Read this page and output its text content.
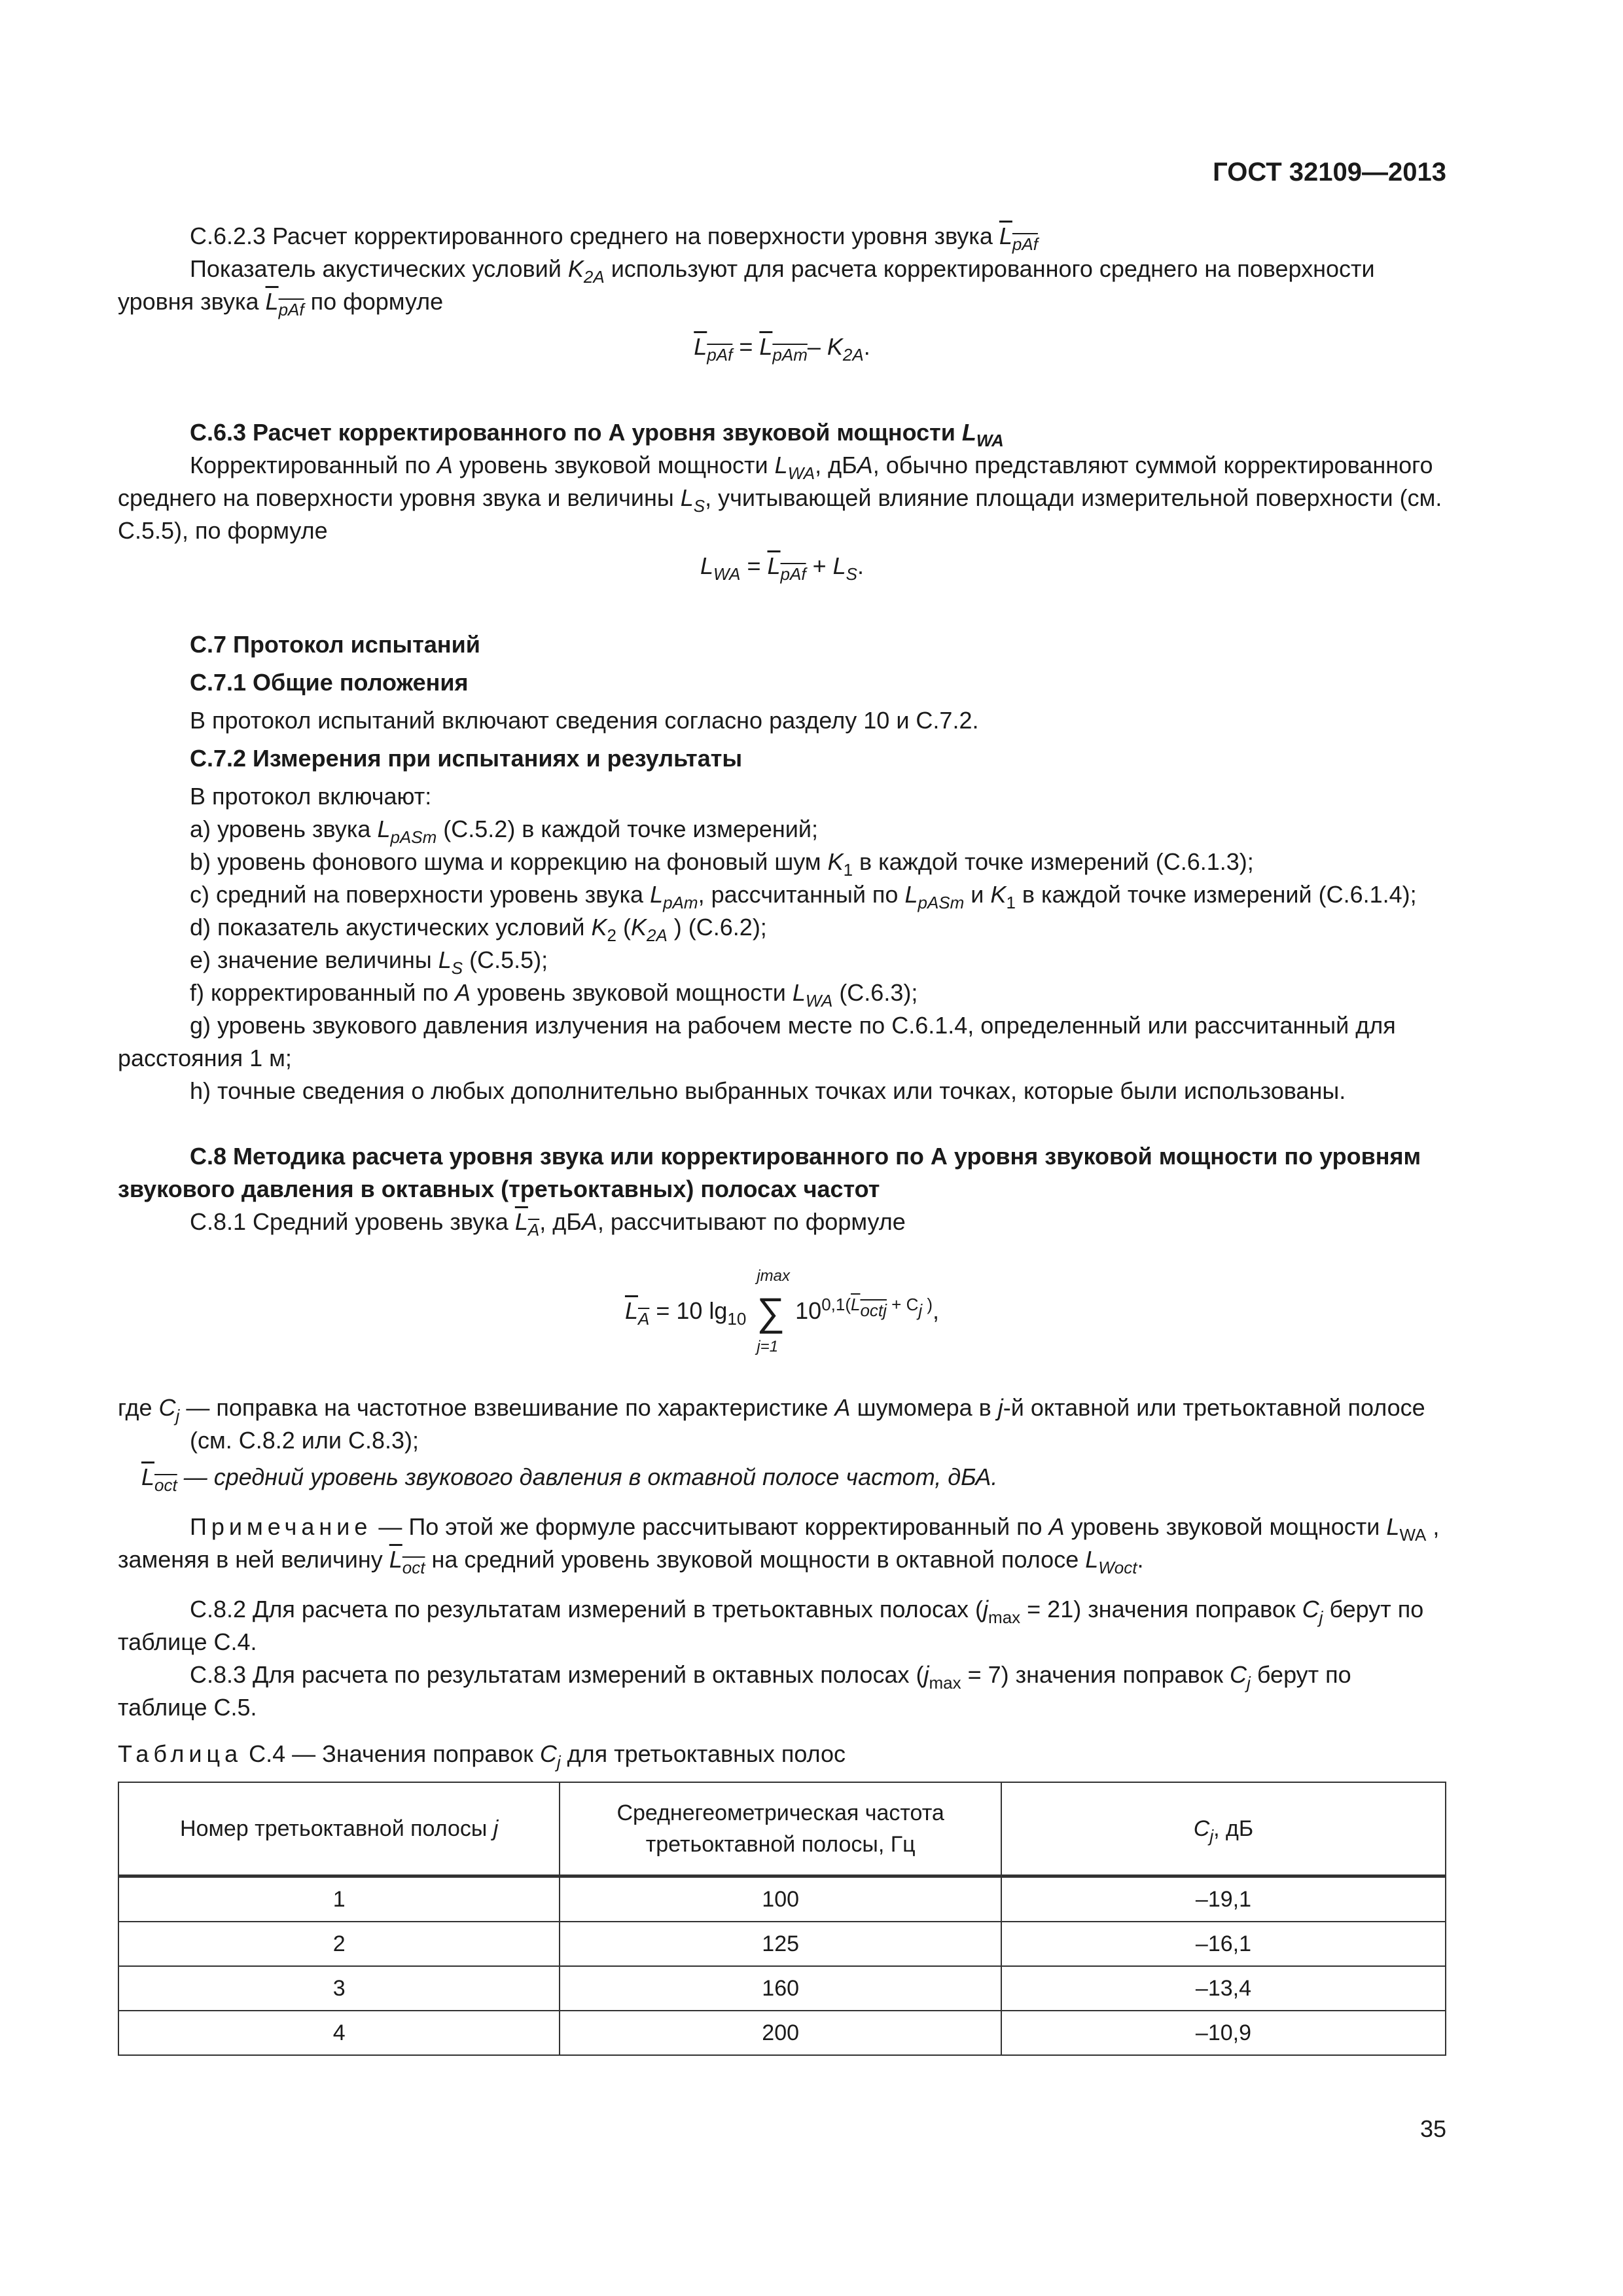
ГОСТ 32109—2013

С.6.2.3 Расчет корректированного среднего на поверхности уровня звука $\overline{L}_{\overline{pAf}}$

Показатель акустических условий $K_{2A}$ используют для расчета корректированного среднего на поверхности уровня звука $\overline{L}_{\overline{pAf}}$ по формуле

$\overline{L}_{\overline{pAf}} = \overline{L}_{\overline{pAm}}-$ $K_{2A}$.

С.6.3 Расчет корректированного по А уровня звуковой мощности $L_{WA}$

Корректированный по А уровень звуковой мощности $L_{WA}$, дБА, обычно представляют суммой корректированного среднего на поверхности уровня звука и величины $L_S$, учитывающей влияние площади измерительной поверхности (см. С.5.5), по формуле

$L_{WA} = \overline{L}_{\overline{pAf}} + L_S$.

С.7 Протокол испытаний

С.7.1 Общие положения

В протокол испытаний включают сведения согласно разделу 10 и С.7.2.

С.7.2 Измерения при испытаниях и результаты

В протокол включают:

а) уровень звука $L_{pASm}$ (С.5.2) в каждой точке измерений;

b) уровень фонового шума и коррекцию на фоновый шум $K_1$ в каждой точке измерений (С.6.1.3);

c) средний на поверхности уровень звука $L_{pAm}$, рассчитанный по $L_{pASm}$ и $K_1$ в каждой точке измерений (С.6.1.4);

d) показатель акустических условий $K_2$ ($K_{2A}$ ) (С.6.2);

е) значение величины $L_S$ (С.5.5);

f) корректированный по А уровень звуковой мощности $L_{WA}$ (С.6.3);

g) уровень звукового давления излучения на рабочем месте по С.6.1.4, определенный или рассчитанный для расстояния 1 м;

h) точные сведения о любых дополнительно выбранных точках или точках, которые были использованы.

С.8 Методика расчета уровня звука или корректированного по А уровня звуковой мощности по уровням звукового давления в октавных (третьоктавных) полосах частот

С.8.1 Средний уровень звука $\overline{L}_{\overline{A}}$, дБА, рассчитывают по формуле

$\overline{L}_{\overline{A}} = 10$ $\lg_{10}$
jmax
∑
j=1
$10^{0,1(\overline{L}_{octj} + C_j )}$,

где $C_j$ — поправка на частотное взвешивание по характеристике А шумомера в j-й октавной или третьоктавной полосе (см. С.8.2 или С.8.3);

$\overline{L}_{\overline{oct}}$ — средний уровень звукового давления в октавной полосе частот, дБА.

Примечание — По этой же формуле рассчитывают корректированный по А уровень звуковой мощности $L_{WA}$ , заменяя в ней величину $\overline{L}_{\overline{oct}}$ на средний уровень звуковой мощности в октавной полосе $L_{Woct}$.

С.8.2 Для расчета по результатам измерений в третьоктавных полосах $(j_{max} = 21)$ значения поправок $C_j$ берут по таблице С.4.

С.8.3 Для расчета по результатам измерений в октавных полосах $(j_{max} = 7)$ значения поправок $C_j$ берут по таблице С.5.

Таблица С.4 — Значения поправок $C_j$ для третьоктавных полос

Номер третьоктавной полосы j	Среднегеометрическая частота третьоктавной полосы, Гц	$C_j$, дБ
1	100	–19,1
2	125	–16,1
3	160	–13,4
4	200	–10,9
35
